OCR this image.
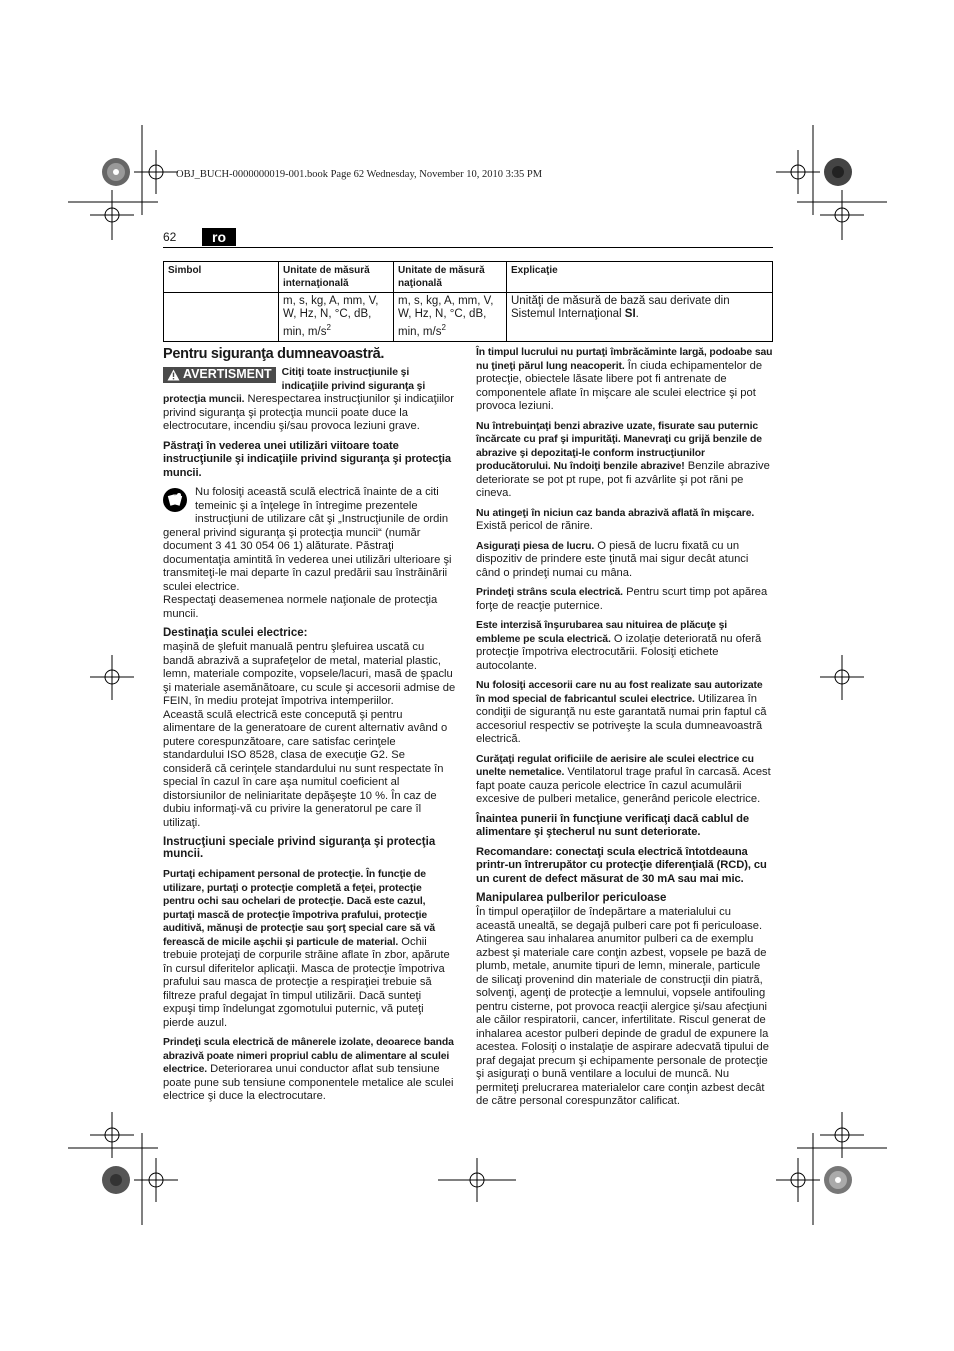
OBJ_BUCH-0000000019-001.book Page 62 Wednesday, November 10, 2010 3:35 PM
62	ro
Simbol	Unitate de măsură internaţională	Unitate de măsură naţională	Explicaţie
	m, s, kg, A, mm, V, W, Hz, N, °C, dB, min, $m/s^2$	m, s, kg, A, mm, V, W, Hz, N, °C, dB, min, $m/s^2$	Unităţi de măsură de bază sau derivate din Sistemul Internaţional SI.
Pentru siguranţa dumneavoastră.

AVERTISMENT Citiţi toate instrucţiunile şi indicaţiile privind siguranţa şi protecţia muncii. Nerespectarea instrucţiunilor şi indicaţiilor privind siguranţa şi protecţia muncii poate duce la electrocutare, incendiu şi/sau provoca leziuni grave.

Păstraţi în vederea unei utilizări viitoare toate instrucţiunile şi indicaţiile privind siguranţa şi protecţia muncii.

Nu folosiţi această sculă electrică înainte de a citi temeinic şi a înţelege în întregime prezentele instrucţiuni de utilizare cât şi „Instrucţiunile de ordin general privind siguranţa şi protecţia muncii“ (număr document 3 41 30 054 06 1) alăturate. Păstraţi documentaţia amintită în vederea unei utilizări ulterioare şi transmiteţi-le mai departe în cazul predării sau înstrăinării sculei electrice.

Respectaţi deasemenea normele naţionale de protecţia muncii.

Destinaţia sculei electrice:

maşină de şlefuit manuală pentru şlefuirea uscată cu bandă abrazivă a suprafeţelor de metal, material plastic, lemn, materiale compozite, vopsele/lacuri, masă de şpaclu şi materiale asemănătoare, cu scule şi accesorii admise de FEIN, în mediu protejat împotriva intemperiilor.

Această sculă electrică este concepută şi pentru alimentare de la generatoare de curent alternativ având o putere corespunzătoare, care satisfac cerinţele standardului ISO 8528, clasa de execuţie G2. Se consideră că cerinţele standardului nu sunt respectate în special în cazul în care aşa numitul coeficient al distorsiunilor de neliniaritate depăşeşte 10 %. În caz de dubiu informaţi-vă cu privire la generatorul pe care îl utilizaţi.

Instrucţiuni speciale privind siguranţa şi protecţia muncii.

Purtaţi echipament personal de protecţie. În funcţie de utilizare, purtaţi o protecţie completă a feţei, protecţie pentru ochi sau ochelari de protecţie. Dacă este cazul, purtaţi mască de protecţie împotriva prafului, protecţie auditivă, mănuşi de protecţie sau şorţ special care să vă ferească de micile aşchii şi particule de material. Ochii trebuie protejaţi de corpurile străine aflate în zbor, apărute în cursul diferitelor aplicaţii. Masca de protecţie împotriva prafului sau masca de protecţie a respiraţiei trebuie să filtreze praful degajat în timpul utilizării. Dacă sunteţi expuşi timp îndelungat zgomotului puternic, vă puteţi pierde auzul.

Prindeţi scula electrică de mânerele izolate, deoarece banda abrazivă poate nimeri propriul cablu de alimentare al sculei electrice. Deteriorarea unui conductor aflat sub tensiune poate pune sub tensiune componentele metalice ale sculei electrice şi duce la electrocutare.

În timpul lucrului nu purtaţi îmbrăcăminte largă, podoabe sau nu ţineţi părul lung neacoperit. În ciuda echipamentelor de protecţie, obiectele lăsate libere pot fi antrenate de componentele aflate în mişcare ale sculei electrice şi pot provoca leziuni.

Nu întrebuinţaţi benzi abrazive uzate, fisurate sau puternic încărcate cu praf şi impurităţi. Manevraţi cu grijă benzile de abrazive şi depozitaţi-le conform instrucţiunilor producătorului. Nu îndoiţi benzile abrazive! Benzile abrazive deteriorate se pot pt rupe, pot fi azvârlite şi pot răni pe cineva.

Nu atingeţi în niciun caz banda abrazivă aflată în mişcare. Există pericol de rănire.

Asiguraţi piesa de lucru. O piesă de lucru fixată cu un dispozitiv de prindere este ţinută mai sigur decât atunci când o prindeţi numai cu mâna.

Prindeţi strâns scula electrică. Pentru scurt timp pot apărea forţe de reacţie puternice.

Este interzisă înşurubarea sau nituirea de plăcuţe şi embleme pe scula electrică. O izolaţie deteriorată nu oferă protecţie împotriva electrocutării. Folosiţi etichete autocolante.

Nu folosiţi accesorii care nu au fost realizate sau autorizate în mod special de fabricantul sculei electrice. Utilizarea în condiţii de siguranţă nu este garantată numai prin faptul că accesoriul respectiv se potriveşte la scula dumneavoastră electrică.

Curăţaţi regulat orificiile de aerisire ale sculei electrice cu unelte nemetalice. Ventilatorul trage praful în carcasă. Acest fapt poate cauza pericole electrice în cazul acumulării excesive de pulberi metalice, generând pericole electrice.

Înaintea punerii în funcţiune verificaţi dacă cablul de alimentare şi ştecherul nu sunt deteriorate.

Recomandare: conectaţi scula electrică întotdeauna printr-un întrerupător cu protecţie diferenţială (RCD), cu un curent de defect măsurat de 30 mA sau mai mic.

Manipularea pulberilor periculoase

În timpul operaţiilor de îndepărtare a materialului cu această unealtă, se degajă pulberi care pot fi periculoase. Atingerea sau inhalarea anumitor pulberi ca de exemplu azbest şi materiale care conţin azbest, vopsele pe bază de plumb, metale, anumite tipuri de lemn, minerale, particule de silicaţi provenind din materiale de construcţii din piatră, solvenţi, agenţi de protecţie a lemnului, vopsele antifouling pentru cisterne, pot provoca reacţii alergice şi/sau afecţiuni ale căilor respiratorii, cancer, infertilitate. Riscul generat de inhalarea acestor pulberi depinde de gradul de expunere la acestea. Folosiţi o instalaţie de aspirare adecvată tipului de praf degajat precum şi echipamente personale de protecţie şi asiguraţi o bună ventilare a locului de muncă. Nu permiteţi prelucrarea materialelor care conţin azbest decât de către personal corespunzător calificat.
